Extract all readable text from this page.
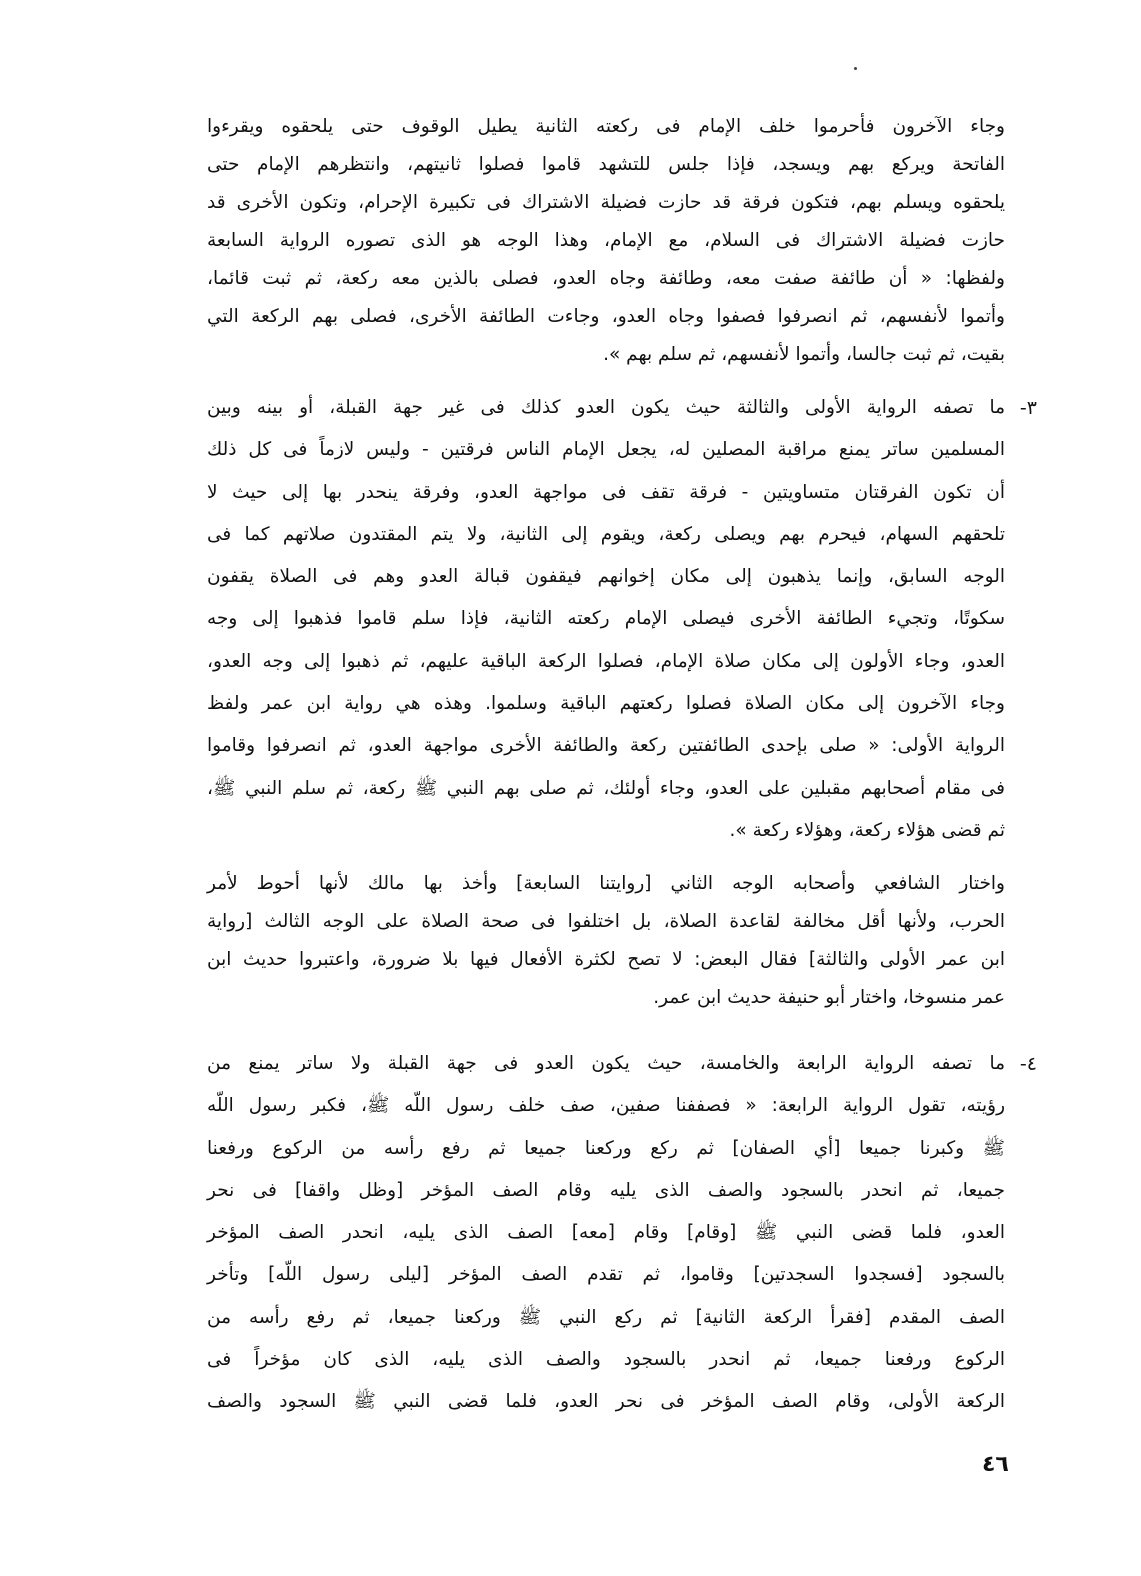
وجاء الآخرون فأحرموا خلف الإمام فى ركعته الثانية يطيل الوقوف حتى يلحقوه ويقرءوا
الفاتحة ويركع بهم ويسجد، فإذا جلس للتشهد قاموا فصلوا ثانيتهم، وانتظرهم الإمام حتى
يلحقوه ويسلم بهم، فتكون فرقة قد حازت فضيلة الاشتراك فى تكبيرة الإحرام، وتكون الأخرى قد
حازت فضيلة الاشتراك فى السلام، مع الإمام، وهذا الوجه هو الذى تصوره الرواية السابعة
ولفظها: « أن طائفة صفت معه، وطائفة وجاه العدو، فصلى بالذين معه ركعة، ثم ثبت قائما،
وأتموا لأنفسهم، ثم انصرفوا فصفوا وجاه العدو، وجاءت الطائفة الأخرى، فصلى بهم الركعة التي
بقيت، ثم ثبت جالسا، وأتموا لأنفسهم، ثم سلم بهم ».
٣-
ما تصفه الرواية الأولى والثالثة حيث يكون العدو كذلك فى غير جهة القبلة، أو بينه وبين
المسلمين ساتر يمنع مراقبة المصلين له، يجعل الإمام الناس فرقتين - وليس لازماً فى كل ذلك
أن تكون الفرقتان متساويتين - فرقة تقف فى مواجهة العدو، وفرقة ينحدر بها إلى حيث لا
تلحقهم السهام، فيحرم بهم ويصلى ركعة، ويقوم إلى الثانية، ولا يتم المقتدون صلاتهم كما فى
الوجه السابق، وإنما يذهبون إلى مكان إخوانهم فيقفون قبالة العدو وهم فى الصلاة يقفون
سكوتًا، وتجيء الطائفة الأخرى فيصلى الإمام ركعته الثانية، فإذا سلم قاموا فذهبوا إلى وجه
العدو، وجاء الأولون إلى مكان صلاة الإمام، فصلوا الركعة الباقية عليهم، ثم ذهبوا إلى وجه العدو،
وجاء الآخرون إلى مكان الصلاة فصلوا ركعتهم الباقية وسلموا. وهذه هي رواية ابن عمر ولفظ
الرواية الأولى: « صلى بإحدى الطائفتين ركعة والطائفة الأخرى مواجهة العدو، ثم انصرفوا وقاموا
فى مقام أصحابهم مقبلين على العدو، وجاء أولئك، ثم صلى بهم النبي ﷺ ركعة، ثم سلم النبي ﷺ،
ثم قضى هؤلاء ركعة، وهؤلاء ركعة ».
واختار الشافعي وأصحابه الوجه الثاني [روايتنا السابعة] وأخذ بها مالك لأنها أحوط لأمر
الحرب، ولأنها أقل مخالفة لقاعدة الصلاة، بل اختلفوا فى صحة الصلاة على الوجه الثالث [رواية
ابن عمر الأولى والثالثة] فقال البعض: لا تصح لكثرة الأفعال فيها بلا ضرورة، واعتبروا حديث ابن
عمر منسوخا، واختار أبو حنيفة حديث ابن عمر.
٤-
ما تصفه الرواية الرابعة والخامسة، حيث يكون العدو فى جهة القبلة ولا ساتر يمنع من
رؤيته، تقول الرواية الرابعة: « فصففنا صفين، صف خلف رسول اللّه ﷺ، فكبر رسول اللّه
ﷺ وكبرنا جميعا [أي الصفان] ثم ركع وركعنا جميعا ثم رفع رأسه من الركوع ورفعنا
جميعا، ثم انحدر بالسجود والصف الذى يليه وقام الصف المؤخر [وظل واقفا] فى نحر
العدو، فلما قضى النبي ﷺ [وقام] وقام [معه] الصف الذى يليه، انحدر الصف المؤخر
بالسجود [فسجدوا السجدتين] وقاموا، ثم تقدم الصف المؤخر [ليلى رسول اللّه] وتأخر
الصف المقدم [فقرأ الركعة الثانية] ثم ركع النبي ﷺ وركعنا جميعا، ثم رفع رأسه من
الركوع ورفعنا جميعا، ثم انحدر بالسجود والصف الذى يليه، الذى كان مؤخراً فى
الركعة الأولى، وقام الصف المؤخر فى نحر العدو، فلما قضى النبي ﷺ السجود والصف
٤٦
